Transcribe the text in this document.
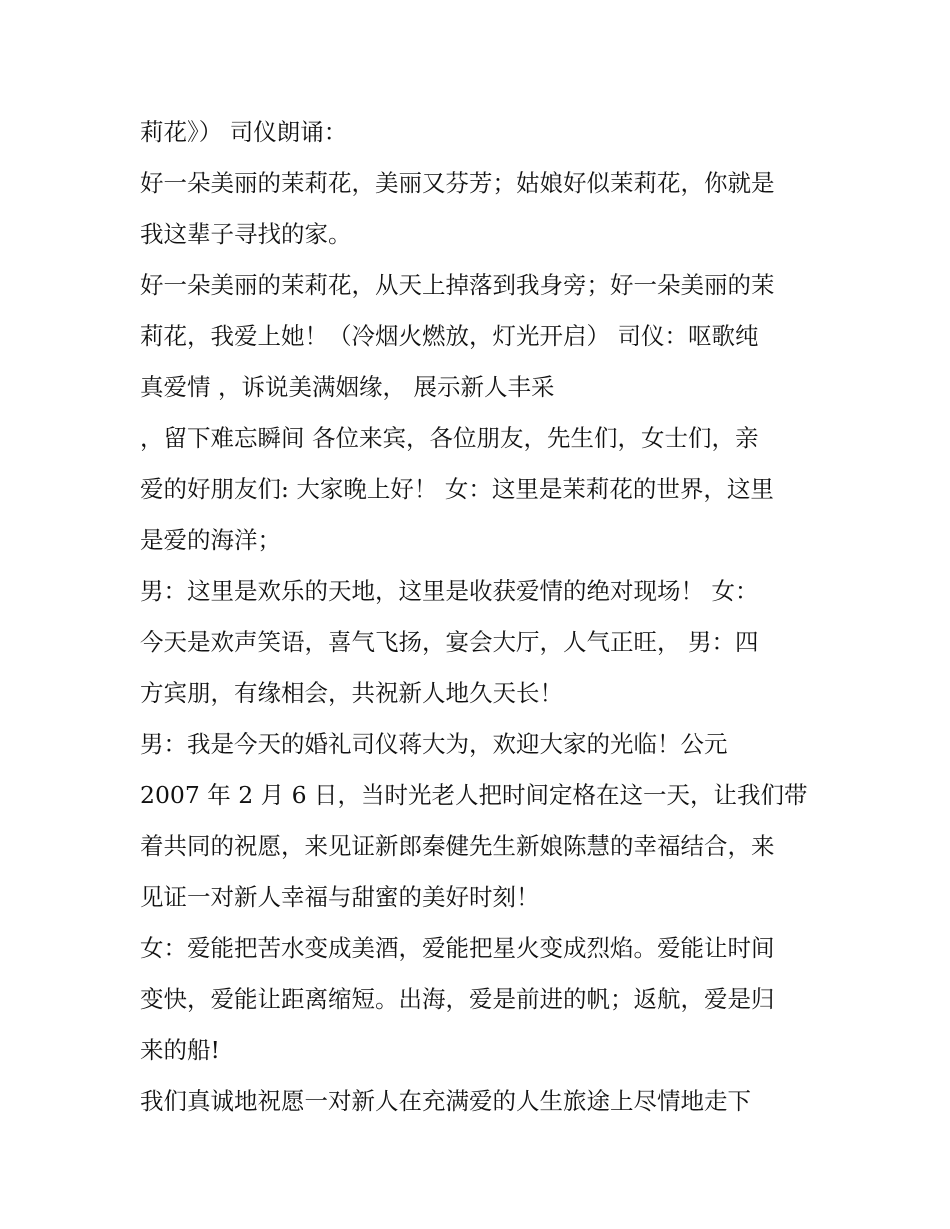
莉花》） 司仪朗诵：
好一朵美丽的茉莉花，美丽又芬芳；姑娘好似茉莉花，你就是
我这辈子寻找的家。
好一朵美丽的茉莉花，从天上掉落到我身旁；好一朵美丽的茉
莉花，我爱上她！（冷烟火燃放，灯光开启） 司仪：呕歌纯
真爱情 ，诉说美满姻缘， 展示新人丰采
，留下难忘瞬间 各位来宾，各位朋友，先生们，女士们，亲
爱的好朋友们: 大家晚上好！ 女：这里是茉莉花的世界，这里
是爱的海洋；
男：这里是欢乐的天地，这里是收获爱情的绝对现场！ 女：
今天是欢声笑语，喜气飞扬，宴会大厅，人气正旺， 男：四
方宾朋，有缘相会，共祝新人地久天长！
男：我是今天的婚礼司仪蒋大为，欢迎大家的光临！公元
2007 年 2 月 6 日，当时光老人把时间定格在这一天，让我们带
着共同的祝愿，来见证新郎秦健先生新娘陈慧的幸福结合，来
见证一对新人幸福与甜蜜的美好时刻！
女：爱能把苦水变成美酒，爱能把星火变成烈焰。爱能让时间
变快，爱能让距离缩短。出海，爱是前进的帆；返航，爱是归
来的船!
我们真诚地祝愿一对新人在充满爱的人生旅途上尽情地走下
